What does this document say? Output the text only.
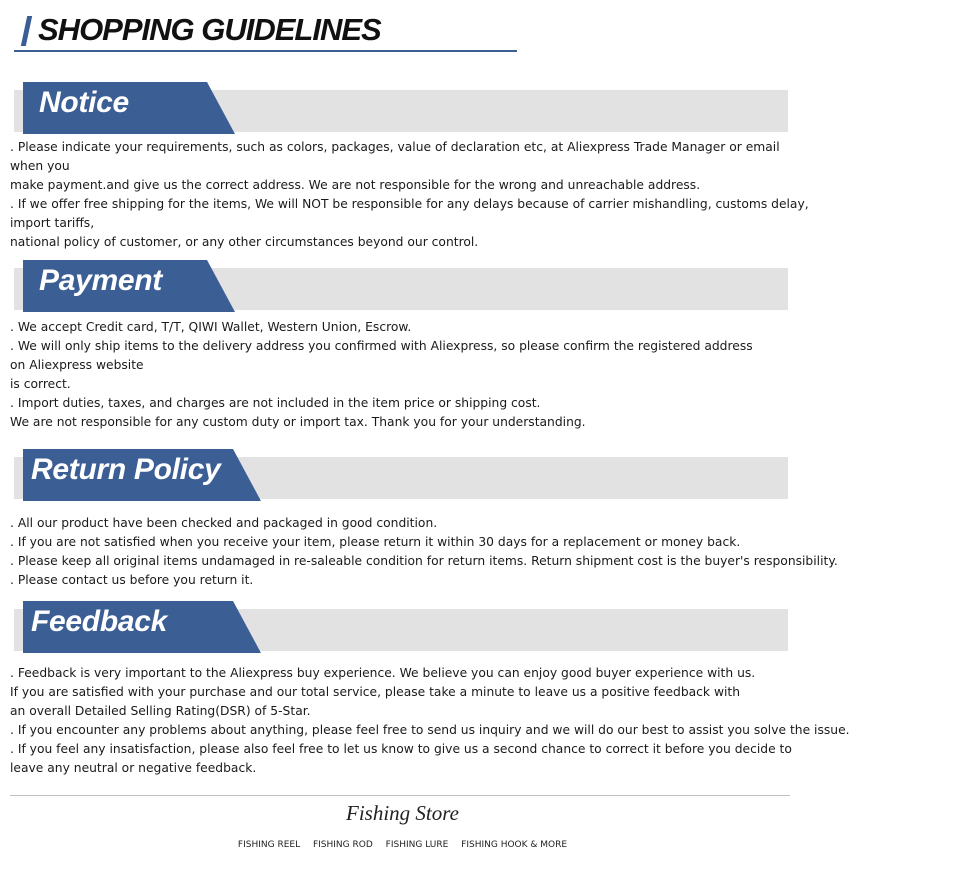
SHOPPING GUIDELINES
Notice
. Please indicate your requirements, such as colors, packages, value of declaration etc, at Aliexpress Trade Manager or email
when you
make payment.and give us the correct address. We are not responsible for the wrong and unreachable address.
. If we offer free shipping for the items, We will NOT be responsible for any delays because of carrier mishandling, customs delay,
import tariffs,
national policy of customer, or any other circumstances beyond our control.
Payment
. We accept Credit card, T/T, QIWI Wallet, Western Union, Escrow.
. We will only ship items to the delivery address you confirmed with Aliexpress, so please confirm the registered address
on Aliexpress website
is correct.
. Import duties, taxes, and charges are not included in the item price or shipping cost.
We are not responsible for any custom duty or import tax. Thank you for your understanding.
Return Policy
. All our product have been checked and packaged in good condition.
. If you are not satisfied when you receive your item, please return it within 30 days for a replacement or money back.
. Please keep all original items undamaged in re-saleable condition for return items. Return shipment cost is the buyer's responsibility.
. Please contact us before you return it.
Feedback
. Feedback is very important to the Aliexpress buy experience. We believe you can enjoy good buyer experience with us.
If you are satisfied with your purchase and our total service, please take a minute to leave us a positive feedback with
an overall Detailed Selling Rating(DSR) of 5-Star.
. If you encounter any problems about anything, please feel free to send us inquiry and we will do our best to assist you solve the issue.
. If you feel any insatisfaction, please also feel free to let us know to give us a second chance to correct it before you decide to
leave any neutral or negative feedback.
Fishing Store
FISHING REEL FISHING ROD FISHING LURE FISHING HOOK & MORE
